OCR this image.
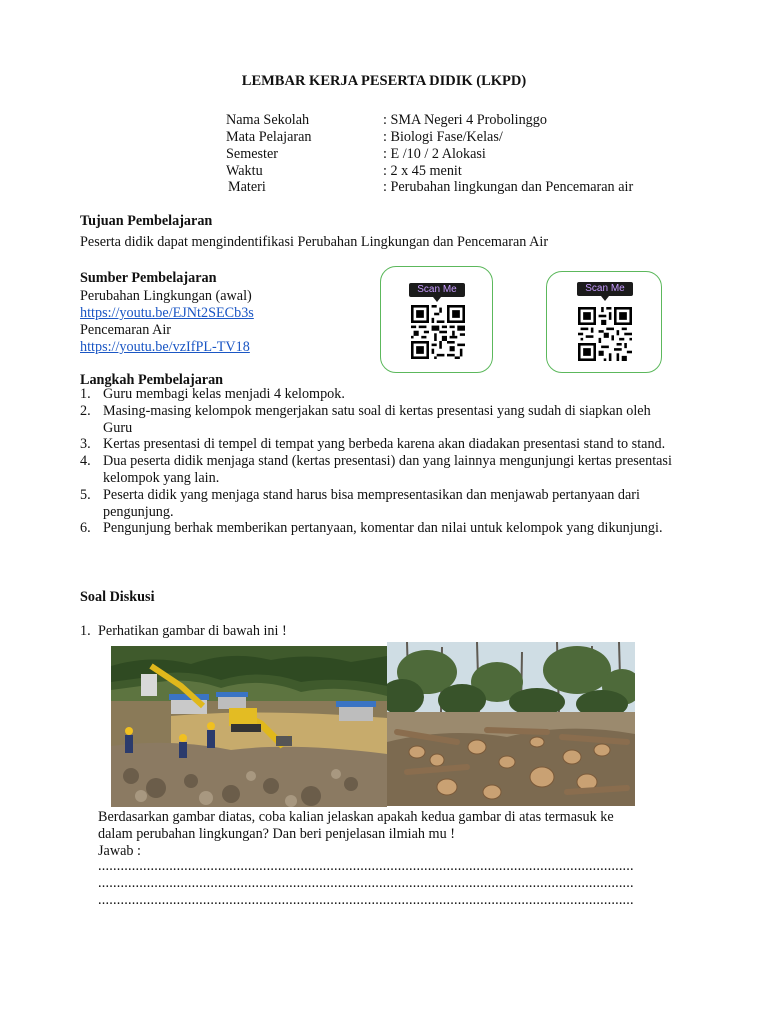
LEMBAR KERJA PESERTA DIDIK (LKPD)
Nama Sekolah	: SMA Negeri 4 Probolinggo
Mata Pelajaran	: Biologi Fase/Kelas/
Semester	: E /10 / 2 Alokasi
Waktu	: 2 x 45 menit
Materi	: Perubahan lingkungan dan Pencemaran air
Tujuan Pembelajaran
Peserta didik dapat mengindentifikasi Perubahan Lingkungan dan Pencemaran Air
Sumber Pembelajaran
Perubahan Lingkungan (awal)
https://youtu.be/EJNt2SECb3s
Pencemaran Air
https://youtu.be/vzIfPL-TV18
Scan Me	Scan Me
Langkah Pembelajaran
1. Guru membagi kelas menjadi 4 kelompok.
2. Masing-masing kelompok mengerjakan satu soal di kertas presentasi yang sudah di siapkan oleh Guru
3. Kertas presentasi di tempel di tempat yang berbeda karena akan diadakan presentasi stand to stand.
4. Dua peserta didik menjaga stand (kertas presentasi) dan yang lainnya mengunjungi kertas presentasi kelompok yang lain.
5. Peserta didik yang menjaga stand harus bisa mempresentasikan dan menjawab pertanyaan dari pengunjung.
6. Pengunjung berhak memberikan pertanyaan, komentar dan nilai untuk kelompok yang dikunjungi.
Soal Diskusi
1. Perhatikan gambar di bawah ini !
Berdasarkan gambar diatas, coba kalian jelaskan apakah kedua gambar di atas termasuk ke
dalam perubahan lingkungan? Dan beri penjelasan ilmiah mu !
Jawab :
...............................................................................................................................................
...............................................................................................................................................
...............................................................................................................................................
